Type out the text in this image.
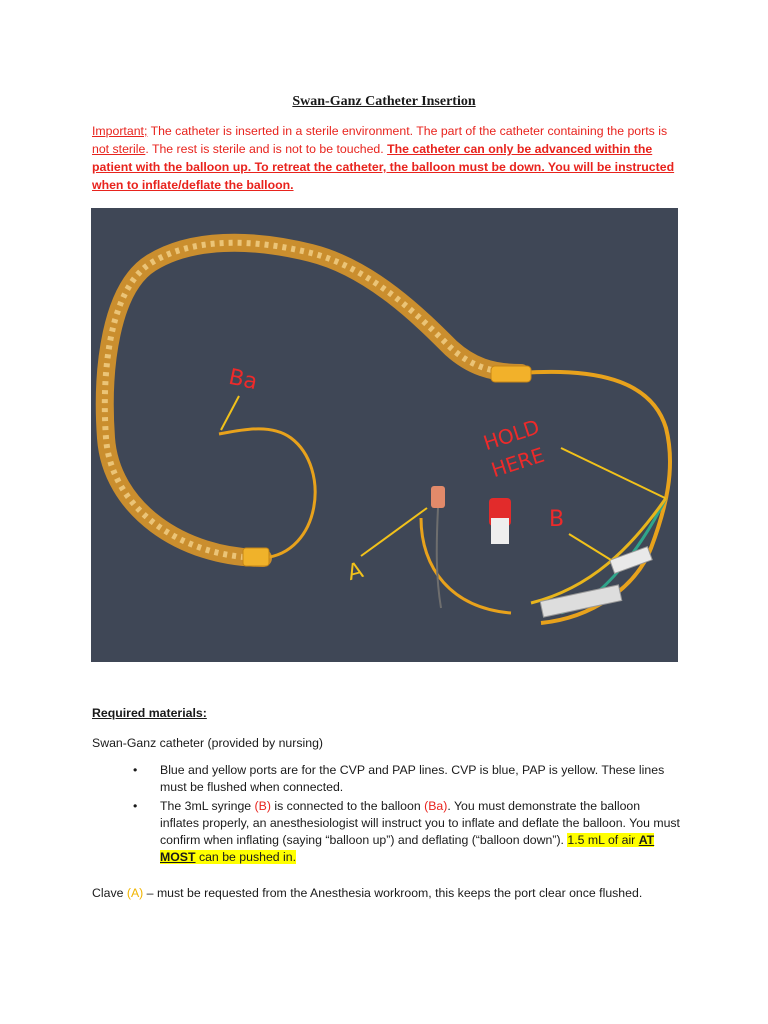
Swan-Ganz Catheter Insertion
Important; The catheter is inserted in a sterile environment. The part of the catheter containing the ports is not sterile. The rest is sterile and is not to be touched. The catheter can only be advanced within the patient with the balloon up. To retreat the catheter, the balloon must be down. You will be instructed when to inflate/deflate the balloon.
Ba
HOLD
HERE
B
A
Required materials:
Swan-Ganz catheter (provided by nursing)
• Blue and yellow ports are for the CVP and PAP lines. CVP is blue, PAP is yellow. These lines must be flushed when connected.
• The 3mL syringe (B) is connected to the balloon (Ba). You must demonstrate the balloon inflates properly, an anesthesiologist will instruct you to inflate and deflate the balloon. You must confirm when inflating (saying “balloon up”) and deflating (“balloon down”). 1.5 mL of air AT MOST can be pushed in.
Clave (A) – must be requested from the Anesthesia workroom, this keeps the port clear once flushed.
